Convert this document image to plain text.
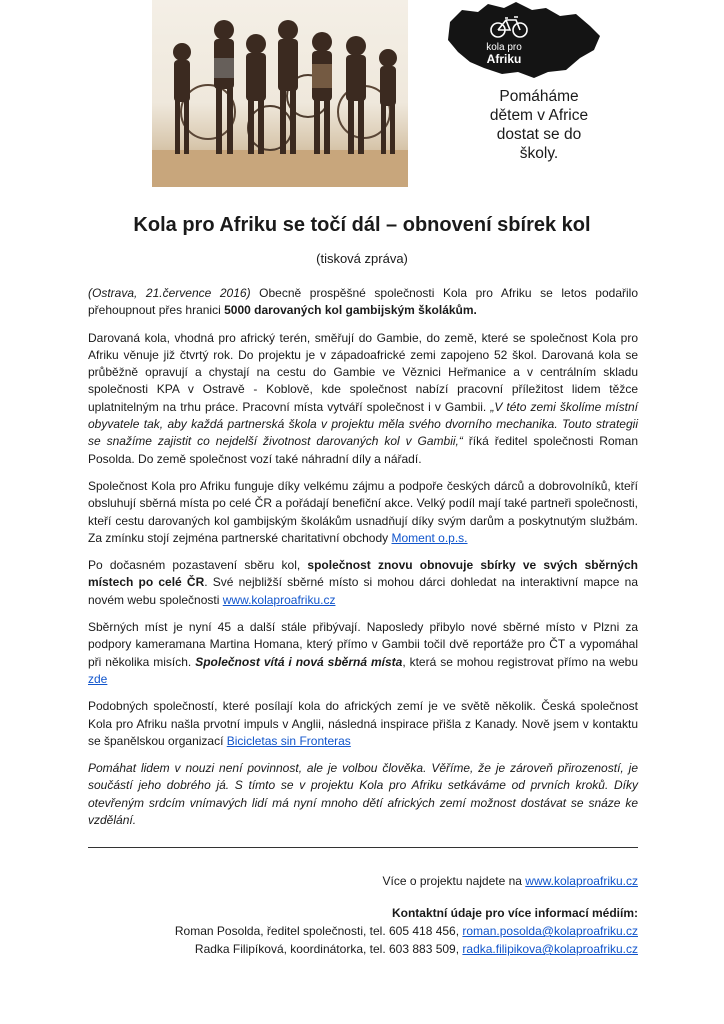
kola pro
Afriku
Pomáháme
dětem v Africe
dostat se do
školy.
Kola pro Afriku se točí dál – obnovení sbírek kol
(tisková zpráva)

(Ostrava, 21.července 2016) Obecně prospěšné společnosti Kola pro Afriku se letos podařilo přehoupnout přes hranici 5000 darovaných kol gambijským školákům.

Darovaná kola, vhodná pro africký terén, směřují do Gambie, do země, které se společnost Kola pro Afriku věnuje již čtvrtý rok. Do projektu je v západoafrické zemi zapojeno 52 škol. Darovaná kola se průběžně opravují a chystají na cestu do Gambie ve Věznici Heřmanice a v centrálním skladu společnosti KPA v Ostravě - Koblově, kde společnost nabízí pracovní příležitost lidem těžce uplatnitelným na trhu práce. Pracovní místa vytváří společnost i v Gambii. „V této zemi školíme místní obyvatele tak, aby každá partnerská škola v projektu měla svého dvorního mechanika. Touto strategii se snažíme zajistit co nejdelší životnost darovaných kol v Gambii,“ říká ředitel společnosti Roman Posolda. Do země společnost vozí také náhradní díly a nářadí.

Společnost Kola pro Afriku funguje díky velkému zájmu a podpoře českých dárců a dobrovolníků, kteří obsluhují sběrná místa po celé ČR a pořádají benefiční akce. Velký podíl mají také partneři společnosti, kteří cestu darovaných kol gambijským školákům usnadňují díky svým darům a poskytnutým službám. Za zmínku stojí zejména partnerské charitativní obchody Moment o.p.s.

Po dočasném pozastavení sběru kol, společnost znovu obnovuje sbírky ve svých sběrných místech po celé ČR. Své nejbližší sběrné místo si mohou dárci dohledat na interaktivní mapce na novém webu společnosti www.kolaproafriku.cz

Sběrných míst je nyní 45 a další stále přibývají. Naposledy přibylo nové sběrné místo v Plzni za podpory kameramana Martina Homana, který přímo v Gambii točil dvě reportáže pro ČT a vypomáhal při několika misích. Společnost vítá i nová sběrná místa, která se mohou registrovat přímo na webu zde

Podobných společností, které posílají kola do afrických zemí je ve světě několik. Česká společnost Kola pro Afriku našla prvotní impuls v Anglii, následná inspirace přišla z Kanady. Nově jsem v kontaktu se španělskou organizací Bicicletas sin Fronteras

Pomáhat lidem v nouzi není povinnost, ale je volbou člověka. Věříme, že je zároveň přirozeností, je součástí jeho dobrého já. S tímto se v projektu Kola pro Afriku setkáváme od prvních kroků. Díky otevřeným srdcím vnímavých lidí má nyní mnoho dětí afrických zemí možnost dostávat se snáze ke vzdělání.

Více o projektu najdete na www.kolaproafriku.cz
Kontaktní údaje pro více informací médiím:
Roman Posolda, ředitel společnosti, tel. 605 418 456, roman.posolda@kolaproafriku.cz
Radka Filipíková, koordinátorka, tel. 603 883 509, radka.filipikova@kolaproafriku.cz
